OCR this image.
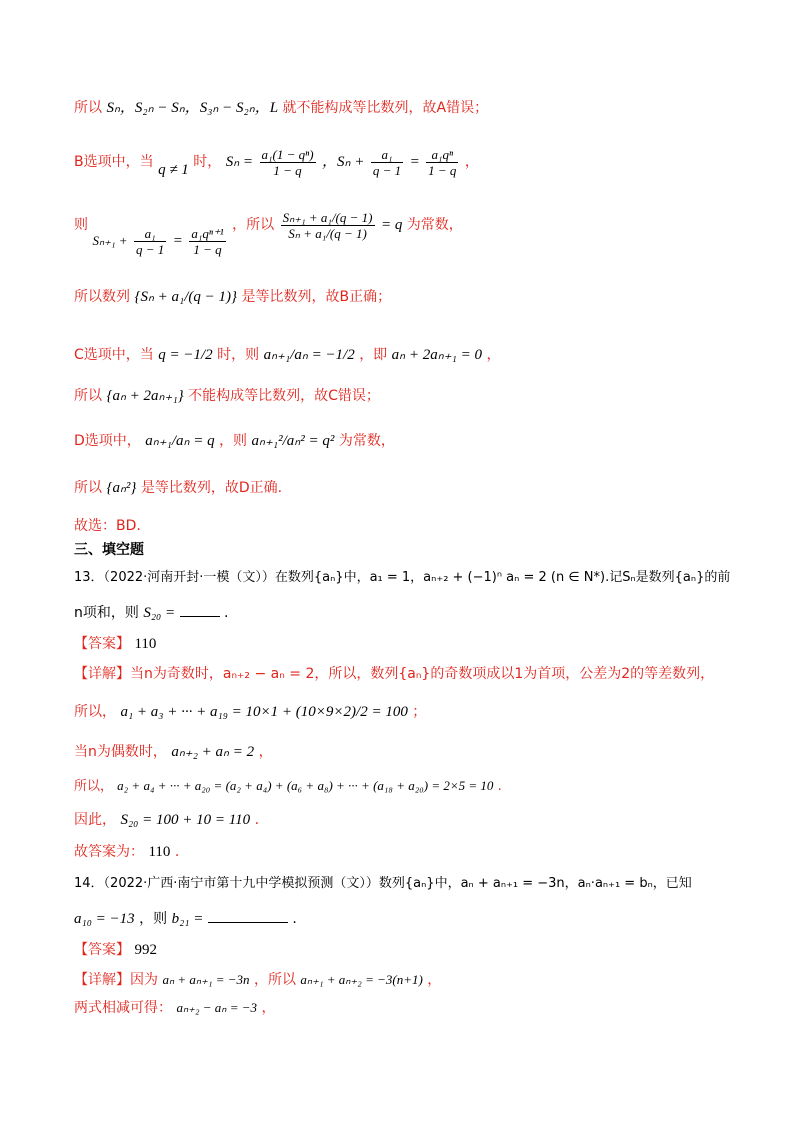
所以 Sₙ，S₂ₙ − Sₙ，S₃ₙ − S₂ₙ，L 就不能构成等比数列，故A错误；
B选项中，当 q ≠ 1 时， $S_n = \frac{\text{a₁(1 − qⁿ)}}{1 - q}$ ，$S_n + \frac{\text{a₁}}{q - 1} = \frac{\text{a₁qⁿ}}{1 - q}$ ，
则 $S_{n+1} + \frac{\text{a₁}}{q - 1} = \frac{\text{a₁qⁿ⁺¹}}{1 - q}$
，所以 $\frac{\text{Sₙ₊₁ + a₁/(q − 1)}}{\text{Sₙ + a₁/(q − 1)}} = q$ 为常数，
所以数列 {Sₙ + a₁/(q − 1)} 是等比数列，故B正确；
C选项中，当 q = −1/2 时，则 aₙ₊₁/aₙ = −1/2 ，即 aₙ + 2aₙ₊₁ = 0 ，
所以 {aₙ + 2aₙ₊₁} 不能构成等比数列，故C错误；
D选项中， aₙ₊₁/aₙ = q ，则 aₙ₊₁²/aₙ² = q² 为常数，
所以 {aₙ²} 是等比数列，故D正确.
故选：BD.
三、填空题
13．（2022·河南开封·一模（文））在数列{aₙ}中，a₁ = 1，aₙ₊₂ + (−1)ⁿ aₙ = 2 (n ∈ N*).记Sₙ是数列{aₙ}的前
n项和，则 S₂₀ =	.
【答案】 110
【详解】当n为奇数时，aₙ₊₂ − aₙ = 2，所以，数列{aₙ}的奇数项成以1为首项，公差为2的等差数列，
所以， a₁ + a₃ + ··· + a₁₉ = 10×1 + (10×9×2)/2 = 100 ；
当n为偶数时， aₙ₊₂ + aₙ = 2 ，
所以， a₂ + a₄ + ··· + a₂₀ = (a₂ + a₄) + (a₆ + a₈) + ··· + (a₁₈ + a₂₀) = 2×5 = 10 .
因此， S₂₀ = 100 + 10 = 110 .
故答案为： 110 .
14．（2022·广西·南宁市第十九中学模拟预测（文））数列{aₙ}中，aₙ + aₙ₊₁ = −3n，aₙ·aₙ₊₁ = bₙ，已知
a₁₀ = −13 ，则 b₂₁ =	.
【答案】 992
【详解】因为 aₙ + aₙ₊₁ = −3n ，所以 aₙ₊₁ + aₙ₊₂ = −3(n+1) ，
两式相减可得： aₙ₊₂ − aₙ = −3 ，
